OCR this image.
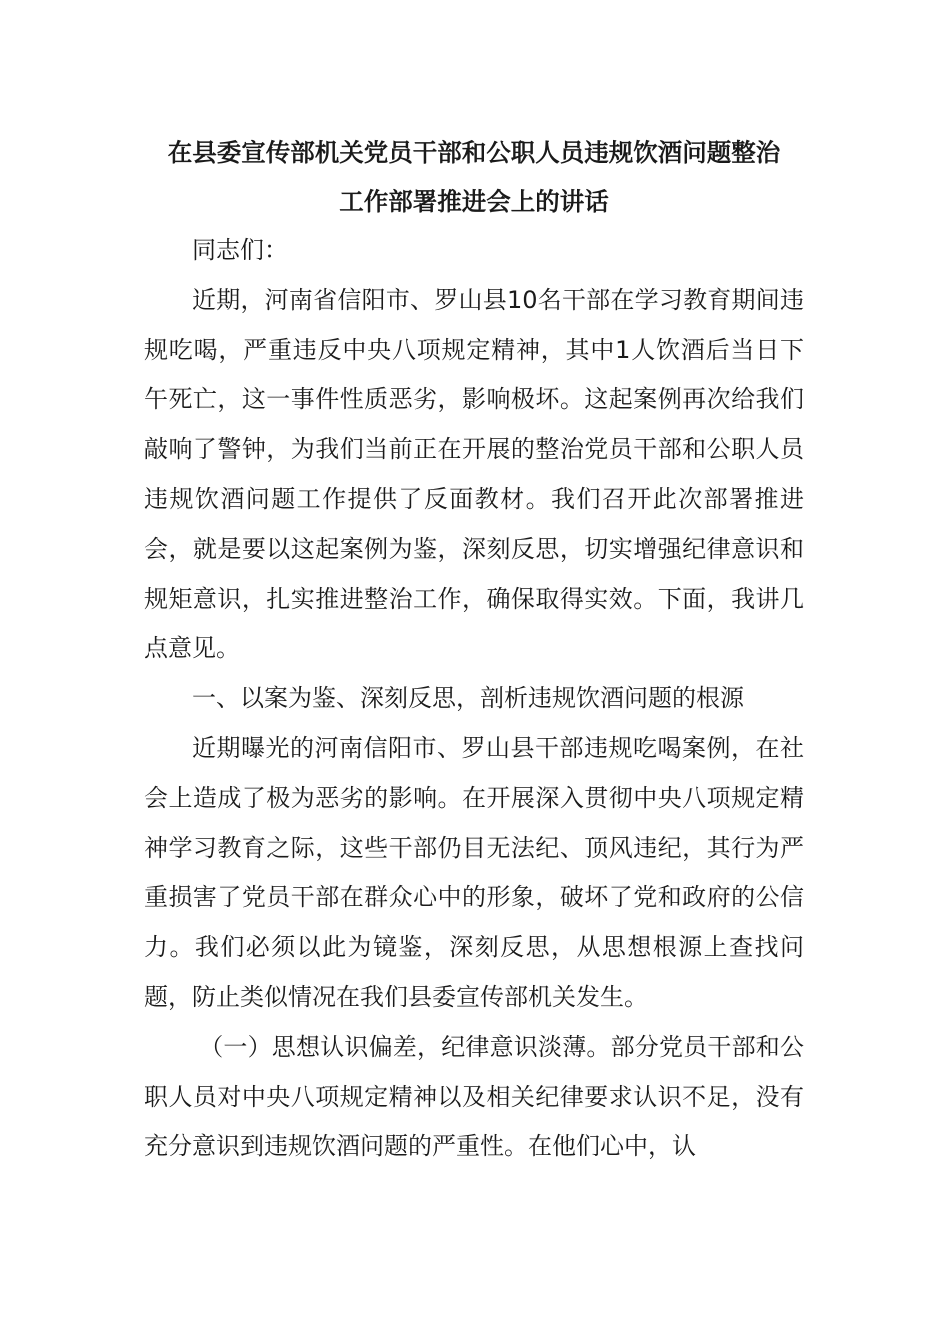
在县委宣传部机关党员干部和公职人员违规饮酒问题整治

工作部署推进会上的讲话

同志们：

近期，河南省信阳市、罗山县10名干部在学习教育期间违规吃喝，严重违反中央八项规定精神，其中1人饮酒后当日下午死亡，这一事件性质恶劣，影响极坏。这起案例再次给我们敲响了警钟，为我们当前正在开展的整治党员干部和公职人员违规饮酒问题工作提供了反面教材。我们召开此次部署推进会，就是要以这起案例为鉴，深刻反思，切实增强纪律意识和规矩意识，扎实推进整治工作，确保取得实效。下面，我讲几点意见。

一、以案为鉴、深刻反思，剖析违规饮酒问题的根源

近期曝光的河南信阳市、罗山县干部违规吃喝案例，在社会上造成了极为恶劣的影响。在开展深入贯彻中央八项规定精神学习教育之际，这些干部仍目无法纪、顶风违纪，其行为严重损害了党员干部在群众心中的形象，破坏了党和政府的公信力。我们必须以此为镜鉴，深刻反思，从思想根源上查找问题，防止类似情况在我们县委宣传部机关发生。

（一）思想认识偏差，纪律意识淡薄。部分党员干部和公职人员对中央八项规定精神以及相关纪律要求认识不足，没有充分意识到违规饮酒问题的严重性。在他们心中，认
